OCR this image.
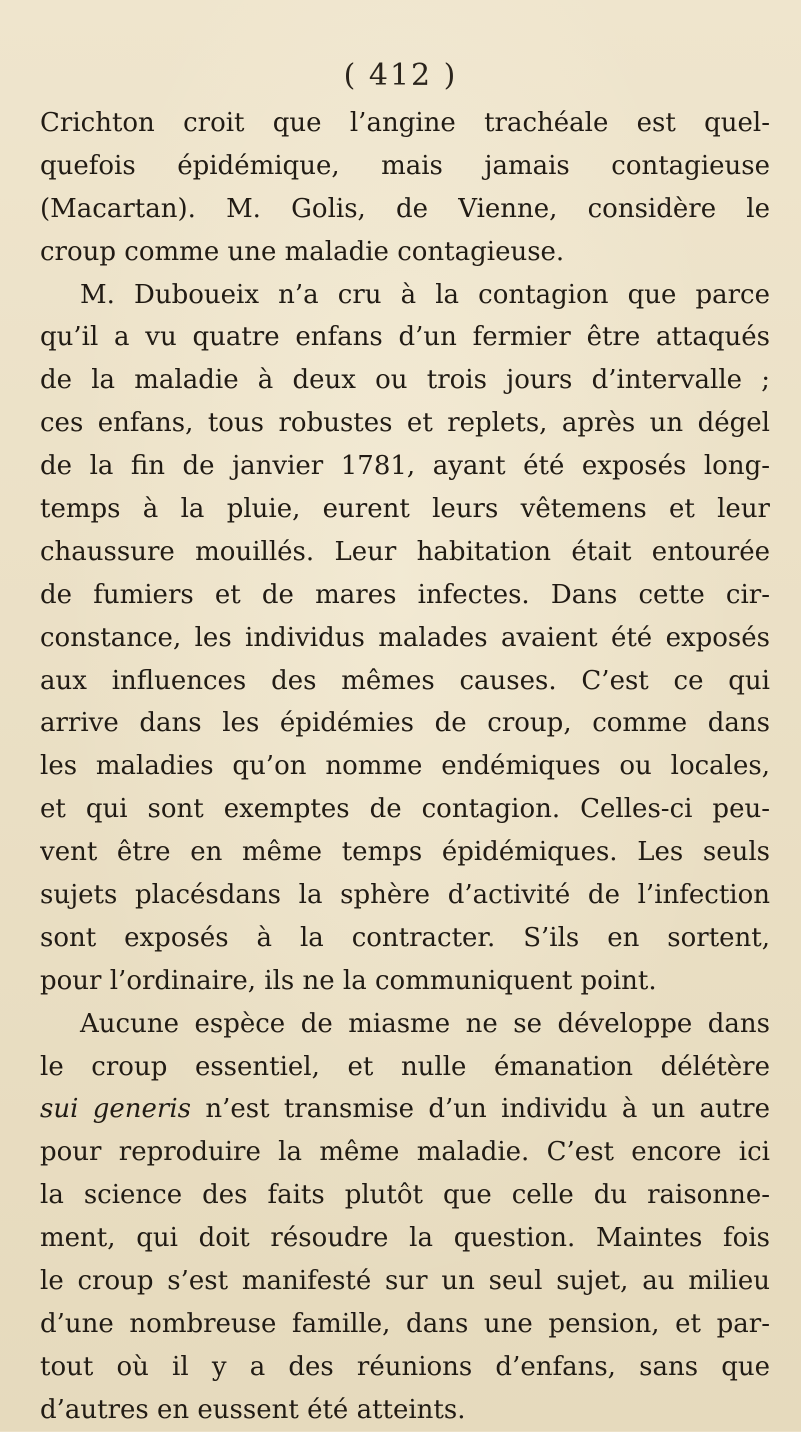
( 412 )
Crichton croit que l’angine trachéale est quel-
quefois épidémique, mais jamais contagieuse
(Macartan). M. Golis, de Vienne, considère le
croup comme une maladie contagieuse.
M. Duboueix n’a cru à la contagion que parce
qu’il a vu quatre enfans d’un fermier être attaqués
de la maladie à deux ou trois jours d’intervalle ;
ces enfans, tous robustes et replets, après un dégel
de la fin de janvier 1781, ayant été exposés long-
temps à la pluie, eurent leurs vêtemens et leur
chaussure mouillés. Leur habitation était entourée
de fumiers et de mares infectes. Dans cette cir-
constance, les individus malades avaient été exposés
aux influences des mêmes causes. C’est ce qui
arrive dans les épidémies de croup, comme dans
les maladies qu’on nomme endémiques ou locales,
et qui sont exemptes de contagion. Celles-ci peu-
vent être en même temps épidémiques. Les seuls
sujets placésdans la sphère d’activité de l’infection
sont exposés à la contracter. S’ils en sortent,
pour l’ordinaire, ils ne la communiquent point.
Aucune espèce de miasme ne se développe dans
le croup essentiel, et nulle émanation délétère
sui generis n’est transmise d’un individu à un autre
pour reproduire la même maladie. C’est encore ici
la science des faits plutôt que celle du raisonne-
ment, qui doit résoudre la question. Maintes fois
le croup s’est manifesté sur un seul sujet, au milieu
d’une nombreuse famille, dans une pension, et par-
tout où il y a des réunions d’enfans, sans que
d’autres en eussent été atteints.
